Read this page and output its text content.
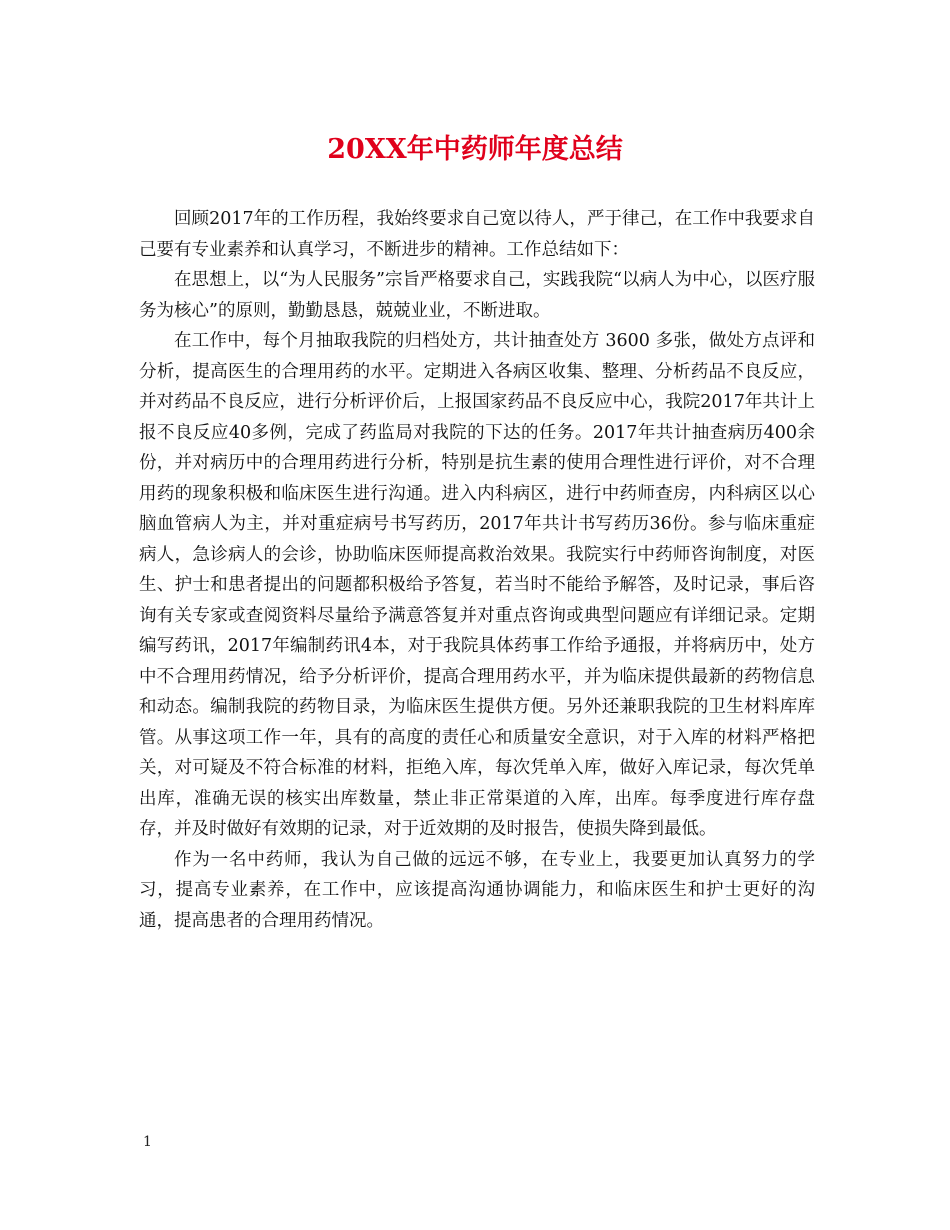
20XX年中药师年度总结

回顾2017年的工作历程，我始终要求自己宽以待人，严于律己，在工作中我要求自己要有专业素养和认真学习，不断进步的精神。工作总结如下：

在思想上，以“为人民服务”宗旨严格要求自己，实践我院“以病人为中心，以医疗服务为核心”的原则，勤勤恳恳，兢兢业业，不断进取。

在工作中，每个月抽取我院的归档处方，共计抽查处方 3600 多张，做处方点评和分析，提高医生的合理用药的水平。定期进入各病区收集、整理、分析药品不良反应，并对药品不良反应，进行分析评价后，上报国家药品不良反应中心，我院2017年共计上报不良反应40多例，完成了药监局对我院的下达的任务。2017年共计抽查病历400余份，并对病历中的合理用药进行分析，特别是抗生素的使用合理性进行评价，对不合理用药的现象积极和临床医生进行沟通。进入内科病区，进行中药师查房，内科病区以心脑血管病人为主，并对重症病号书写药历，2017年共计书写药历36份。参与临床重症病人，急诊病人的会诊，协助临床医师提高救治效果。我院实行中药师咨询制度，对医生、护士和患者提出的问题都积极给予答复，若当时不能给予解答，及时记录，事后咨询有关专家或查阅资料尽量给予满意答复并对重点咨询或典型问题应有详细记录。定期编写药讯，2017年编制药讯4本，对于我院具体药事工作给予通报，并将病历中，处方中不合理用药情况，给予分析评价，提高合理用药水平，并为临床提供最新的药物信息和动态。编制我院的药物目录，为临床医生提供方便。另外还兼职我院的卫生材料库库管。从事这项工作一年，具有的高度的责任心和质量安全意识，对于入库的材料严格把关，对可疑及不符合标准的材料，拒绝入库，每次凭单入库，做好入库记录，每次凭单出库，准确无误的核实出库数量，禁止非正常渠道的入库，出库。每季度进行库存盘存，并及时做好有效期的记录，对于近效期的及时报告，使损失降到最低。

作为一名中药师，我认为自己做的远远不够，在专业上，我要更加认真努力的学习，提高专业素养，在工作中，应该提高沟通协调能力，和临床医生和护士更好的沟通，提高患者的合理用药情况。

1
